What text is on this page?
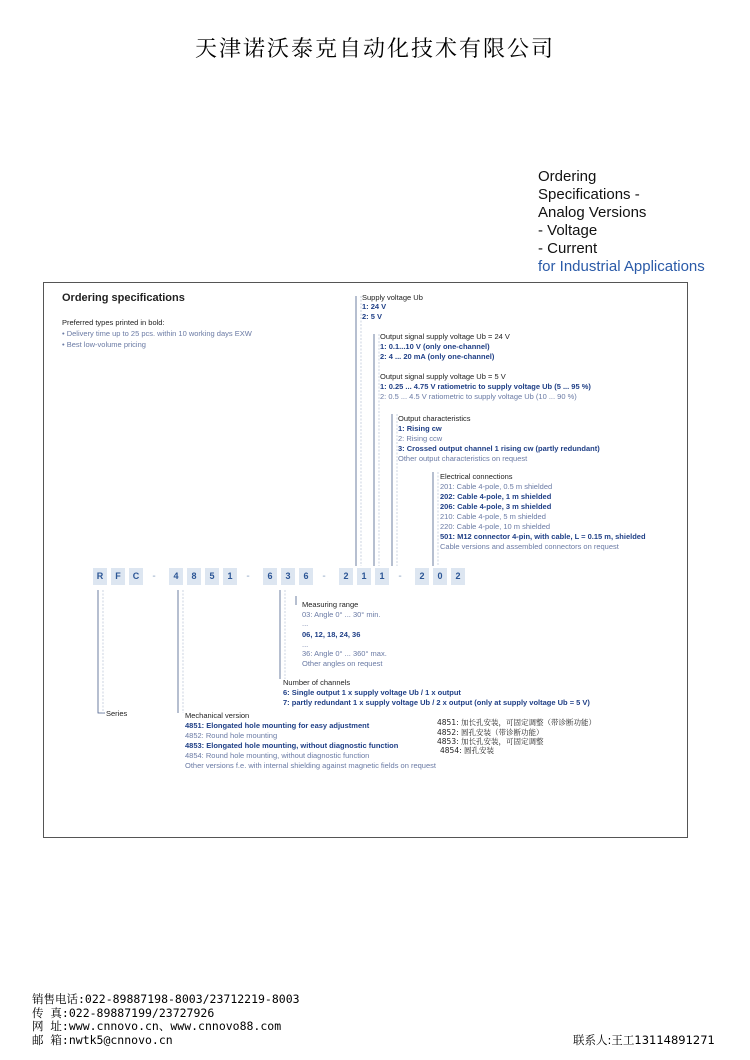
天津诺沃泰克自动化技术有限公司
Ordering
Specifications -
Analog Versions
- Voltage
- Current
for Industrial Applications
Ordering specifications
Preferred types printed in bold:
• Delivery time up to 25 pcs. within 10 working days EXW
• Best low-volume pricing
Supply voltage Ub
1: 24 V
2: 5 V
Output signal supply voltage Ub = 24 V
1: 0.1...10 V (only one-channel)
2: 4 ... 20 mA (only one-channel)
Output signal supply voltage Ub = 5 V
1: 0.25 ... 4.75 V ratiometric to supply voltage Ub (5 ... 95 %)
2: 0.5 ... 4.5 V ratiometric to supply voltage Ub (10 ... 90 %)
Output characteristics
1: Rising cw
2: Rising ccw
3: Crossed output channel 1 rising cw (partly redundant)
Other output characteristics on request
Electrical connections
201: Cable 4-pole, 0.5 m shielded
202: Cable 4-pole, 1 m shielded
206: Cable 4-pole, 3 m shielded
210: Cable 4-pole, 5 m shielded
220: Cable 4-pole, 10 m shielded
501: M12 connector 4-pin, with cable, L = 0.15 m, shielded
Cable versions and assembled connectors on request
R	F	C	-	4	8	5	1	-	6	3	6	-	2	1	1	-	2	0	2
Measuring range
03: Angle 0° ... 30° min.
...
06, 12, 18, 24, 36
...
36: Angle 0° ... 360° max.
Other angles on request
Number of channels
6: Single output 1 x supply voltage Ub / 1 x output
7: partly redundant 1 x supply voltage Ub / 2 x output (only at supply voltage Ub = 5 V)
Series	Mechanical version
4851: Elongated hole mounting for easy adjustment
4852: Round hole mounting
4853: Elongated hole mounting, without diagnostic function
4854: Round hole mounting, without diagnostic function
Other versions f.e. with internal shielding against magnetic fields on request
4851: 加长孔安装，可固定调整（带诊断功能）
4852: 圆孔安装（带诊断功能）
4853: 加长孔安装，可固定调整
4854: 圆孔安装
销售电话:022-89887198-8003/23712219-8003
传 真:022-89887199/23727926
网 址:www.cnnovo.cn、www.cnnovo88.com
邮 箱:nwtk5@cnnovo.cn	联系人:王工13114891271
